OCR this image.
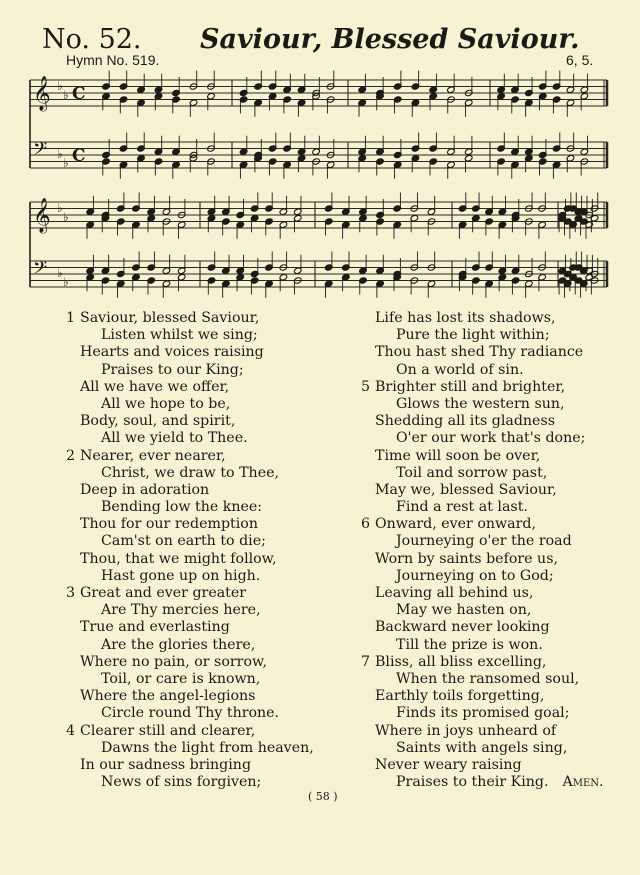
No. 52. Saviour, Blessed Saviour.
Hymn No. 519.	6, 5.
𝄞 ♭
♭ C
𝄢 ♭
♭ C
𝄞 ♭
♭
𝄢 ♭
♭
1 Saviour, blessed Saviour,
Listen whilst we sing;
Hearts and voices raising
Praises to our King;
All we have we offer,
All we hope to be,
Body, soul, and spirit,
All we yield to Thee.
2 Nearer, ever nearer,
Christ, we draw to Thee,
Deep in adoration
Bending low the knee:
Thou for our redemption
Cam'st on earth to die;
Thou, that we might follow,
Hast gone up on high.
3 Great and ever greater
Are Thy mercies here,
True and everlasting
Are the glories there,
Where no pain, or sorrow,
Toil, or care is known,
Where the angel-legions
Circle round Thy throne.
4 Clearer still and clearer,
Dawns the light from heaven,
In our sadness bringing
News of sins forgiven;
Life has lost its shadows,
Pure the light within;
Thou hast shed Thy radiance
On a world of sin.
5 Brighter still and brighter,
Glows the western sun,
Shedding all its gladness
O'er our work that's done;
Time will soon be over,
Toil and sorrow past,
May we, blessed Saviour,
Find a rest at last.
6 Onward, ever onward,
Journeying o'er the road
Worn by saints before us,
Journeying on to God;
Leaving all behind us,
May we hasten on,
Backward never looking
Till the prize is won.
7 Bliss, all bliss excelling,
When the ransomed soul,
Earthly toils forgetting,
Finds its promised goal;
Where in joys unheard of
Saints with angels sing,
Never weary raising
Praises to their King. Amen.
( 58 )
